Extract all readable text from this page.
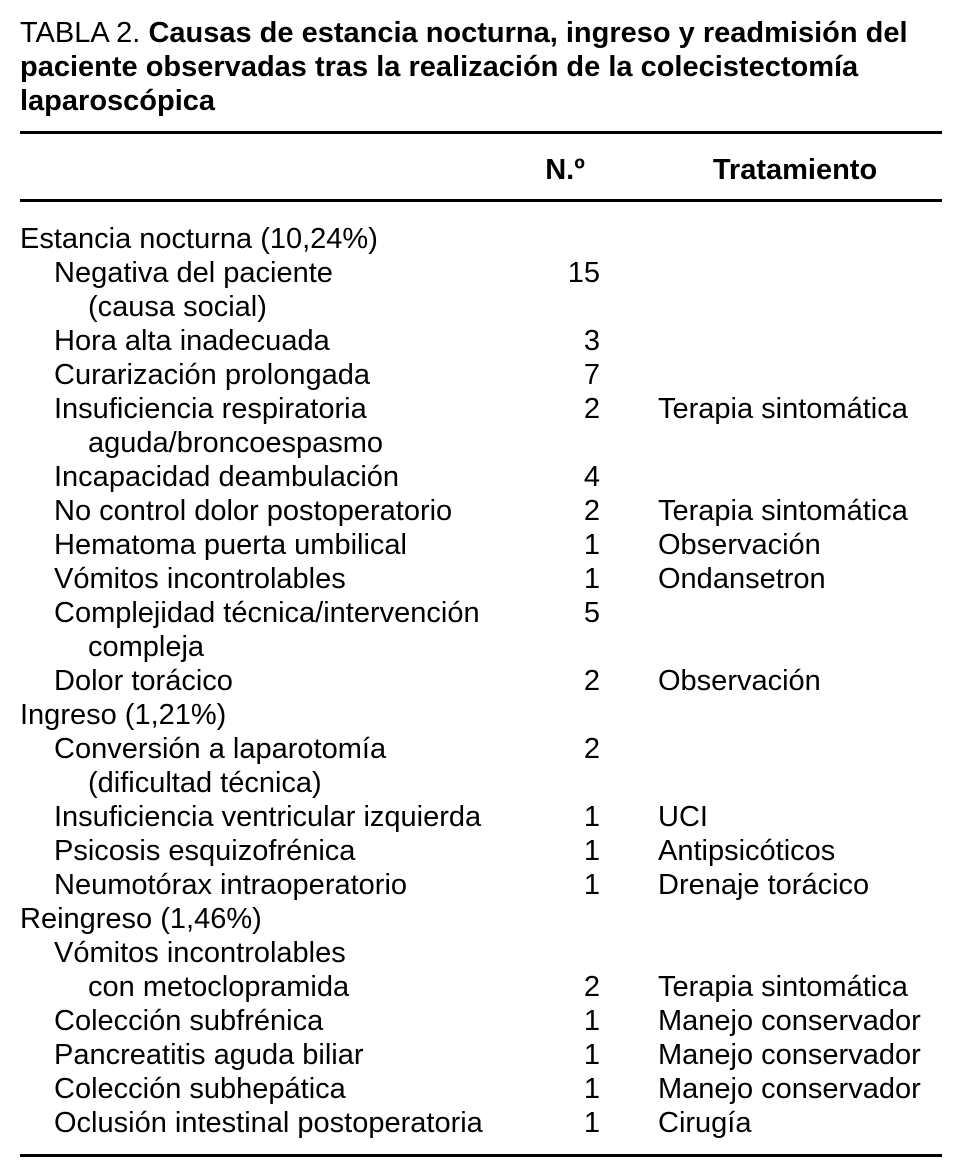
TABLA 2. Causas de estancia nocturna, ingreso y readmisión del paciente observadas tras la realización de la colecistectomía laparoscópica
N.º	Tratamiento
Estancia nocturna (10,24%)
Negativa del paciente	15
(causa social)
Hora alta inadecuada	3
Curarización prolongada	7
Insuficiencia respiratoria	2 Terapia sintomática
aguda/broncoespasmo
Incapacidad deambulación	4
No control dolor postoperatorio	2 Terapia sintomática
Hematoma puerta umbilical	1 Observación
Vómitos incontrolables	1 Ondansetron
Complejidad técnica/intervención	5
compleja
Dolor torácico	2 Observación
Ingreso (1,21%)
Conversión a laparotomía	2
(dificultad técnica)
Insuficiencia ventricular izquierda	1 UCI
Psicosis esquizofrénica	1 Antipsicóticos
Neumotórax intraoperatorio	1 Drenaje torácico
Reingreso (1,46%)
Vómitos incontrolables
con metoclopramida	2 Terapia sintomática
Colección subfrénica	1 Manejo conservador
Pancreatitis aguda biliar	1 Manejo conservador
Colección subhepática	1 Manejo conservador
Oclusión intestinal postoperatoria	1 Cirugía
